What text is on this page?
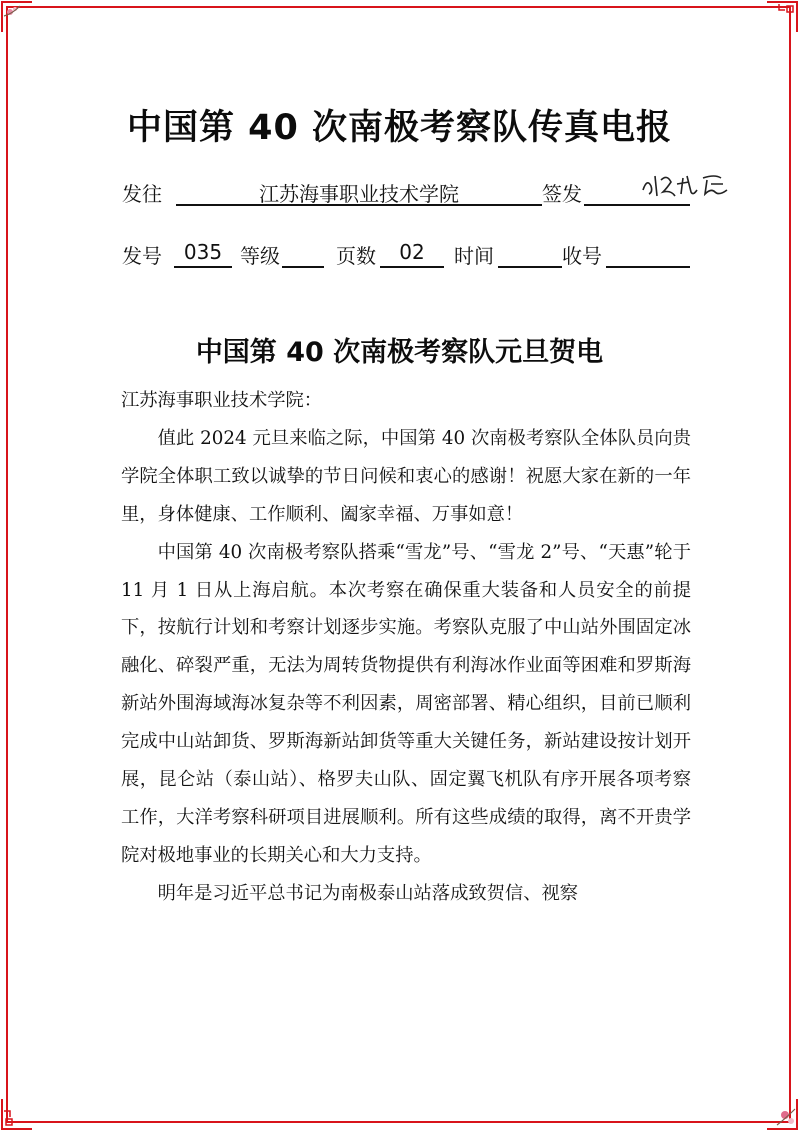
中国第 40 次南极考察队传真电报
发往	江苏海事职业技术学院	签发
发号	035 等级	页数	02	时间	收号
中国第 40 次南极考察队元旦贺电

江苏海事职业技术学院：

值此 2024 元旦来临之际，中国第 40 次南极考察队全体队员向贵学院全体职工致以诚挚的节日问候和衷心的感谢！祝愿大家在新的一年里，身体健康、工作顺利、阖家幸福、万事如意！

中国第 40 次南极考察队搭乘“雪龙”号、“雪龙 2”号、“天惠”轮于 11 月 1 日从上海启航。本次考察在确保重大装备和人员安全的前提下，按航行计划和考察计划逐步实施。考察队克服了中山站外围固定冰融化、碎裂严重，无法为周转货物提供有利海冰作业面等困难和罗斯海新站外围海域海冰复杂等不利因素，周密部署、精心组织，目前已顺利完成中山站卸货、罗斯海新站卸货等重大关键任务，新站建设按计划开展，昆仑站（泰山站）、格罗夫山队、固定翼飞机队有序开展各项考察工作，大洋考察科研项目进展顺利。所有这些成绩的取得，离不开贵学院对极地事业的长期关心和大力支持。

明年是习近平总书记为南极泰山站落成致贺信、视察
